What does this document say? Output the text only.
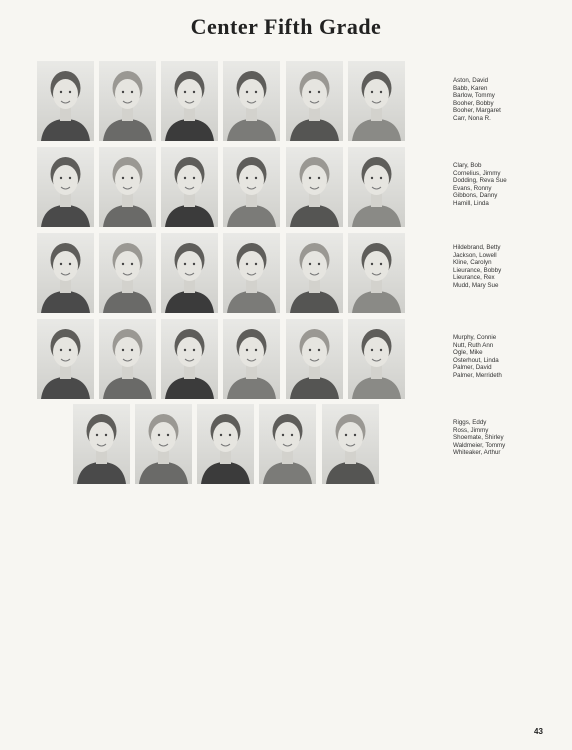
Center Fifth Grade
Aston, David
Babb, Karen
Barlow, Tommy
Booher, Bobby
Booher, Margaret
Carr, Nona R.
Clary, Bob
Cornelius, Jimmy
Dodding, Reva Sue
Evans, Ronny
Gibbons, Danny
Hamill, Linda
Hildebrand, Betty
Jackson, Lowell
Kline, Carolyn
Lieurance, Bobby
Lieurance, Rex
Mudd, Mary Sue
Murphy, Connie
Nutt, Ruth Ann
Ogle, Mike
Osterhout, Linda
Palmer, David
Palmer, Merrideth
Riggs, Eddy
Ross, Jimmy
Shoemate, Shirley
Waldmeier, Tommy
Whiteaker, Arthur
43
